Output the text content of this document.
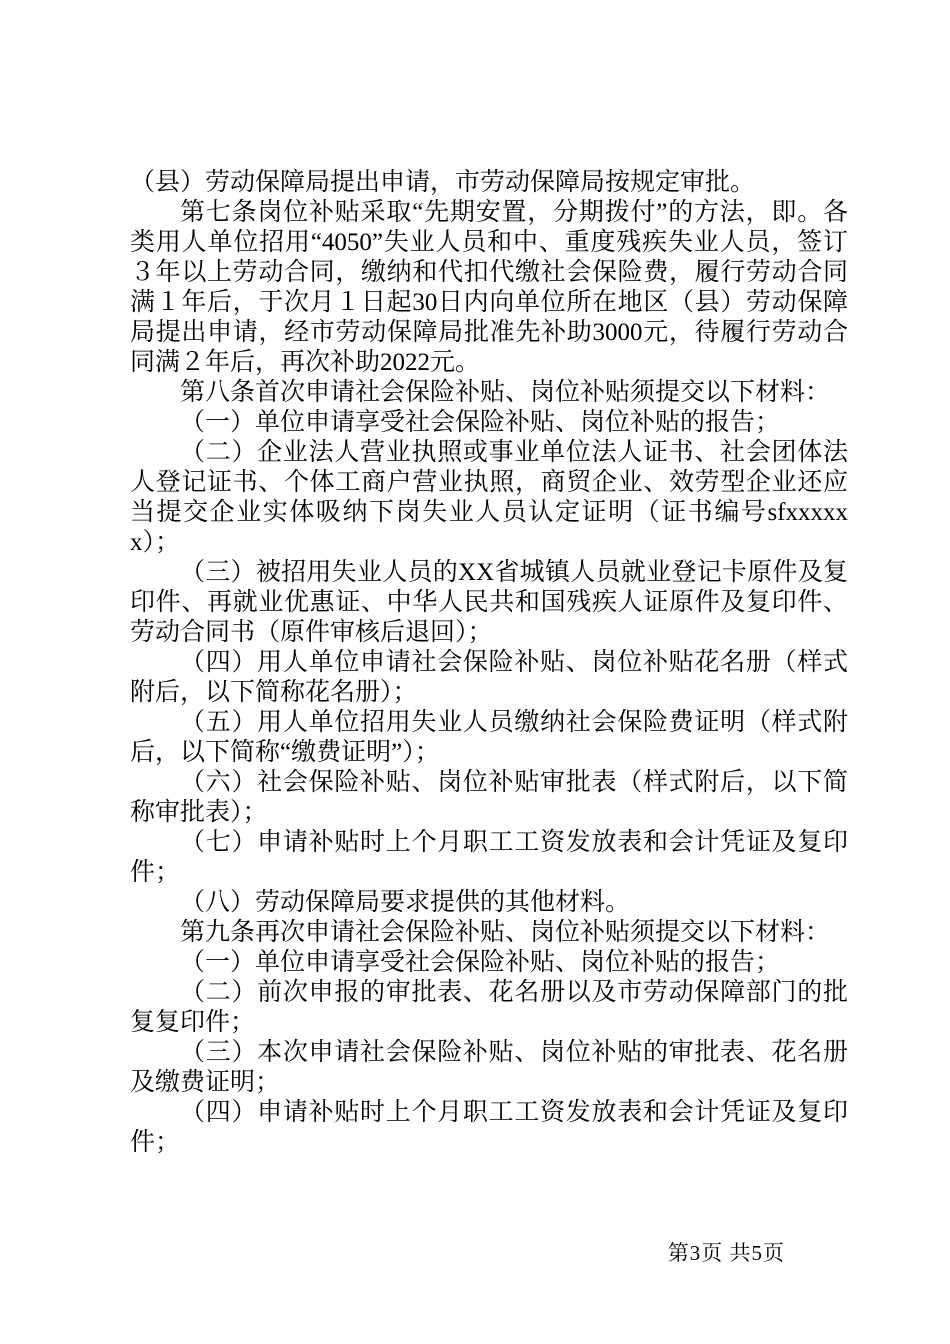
（县）劳动保障局提出申请，市劳动保障局按规定审批。

第七条岗位补贴采取“先期安置，分期拨付”的方法，即。各类用人单位招用“4050”失业人员和中、重度残疾失业人员，签订３年以上劳动合同，缴纳和代扣代缴社会保险费，履行劳动合同满１年后，于次月１日起30日内向单位所在地区（县）劳动保障局提出申请，经市劳动保障局批准先补助3000元，待履行劳动合同满２年后，再次补助2022元。

第八条首次申请社会保险补贴、岗位补贴须提交以下材料：

（一）单位申请享受社会保险补贴、岗位补贴的报告；

（二）企业法人营业执照或事业单位法人证书、社会团体法人登记证书、个体工商户营业执照，商贸企业、效劳型企业还应当提交企业实体吸纳下岗失业人员认定证明（证书编号sfxxxxxx）；

（三）被招用失业人员的XX省城镇人员就业登记卡原件及复印件、再就业优惠证、中华人民共和国残疾人证原件及复印件、劳动合同书（原件审核后退回）；

（四）用人单位申请社会保险补贴、岗位补贴花名册（样式附后，以下简称花名册）；

（五）用人单位招用失业人员缴纳社会保险费证明（样式附后，以下简称“缴费证明”）；

（六）社会保险补贴、岗位补贴审批表（样式附后，以下简称审批表）；

（七）申请补贴时上个月职工工资发放表和会计凭证及复印件；

（八）劳动保障局要求提供的其他材料。

第九条再次申请社会保险补贴、岗位补贴须提交以下材料：

（一）单位申请享受社会保险补贴、岗位补贴的报告；

（二）前次申报的审批表、花名册以及市劳动保障部门的批复复印件；

（三）本次申请社会保险补贴、岗位补贴的审批表、花名册及缴费证明；

（四）申请补贴时上个月职工工资发放表和会计凭证及复印件；

第3页 共5页
